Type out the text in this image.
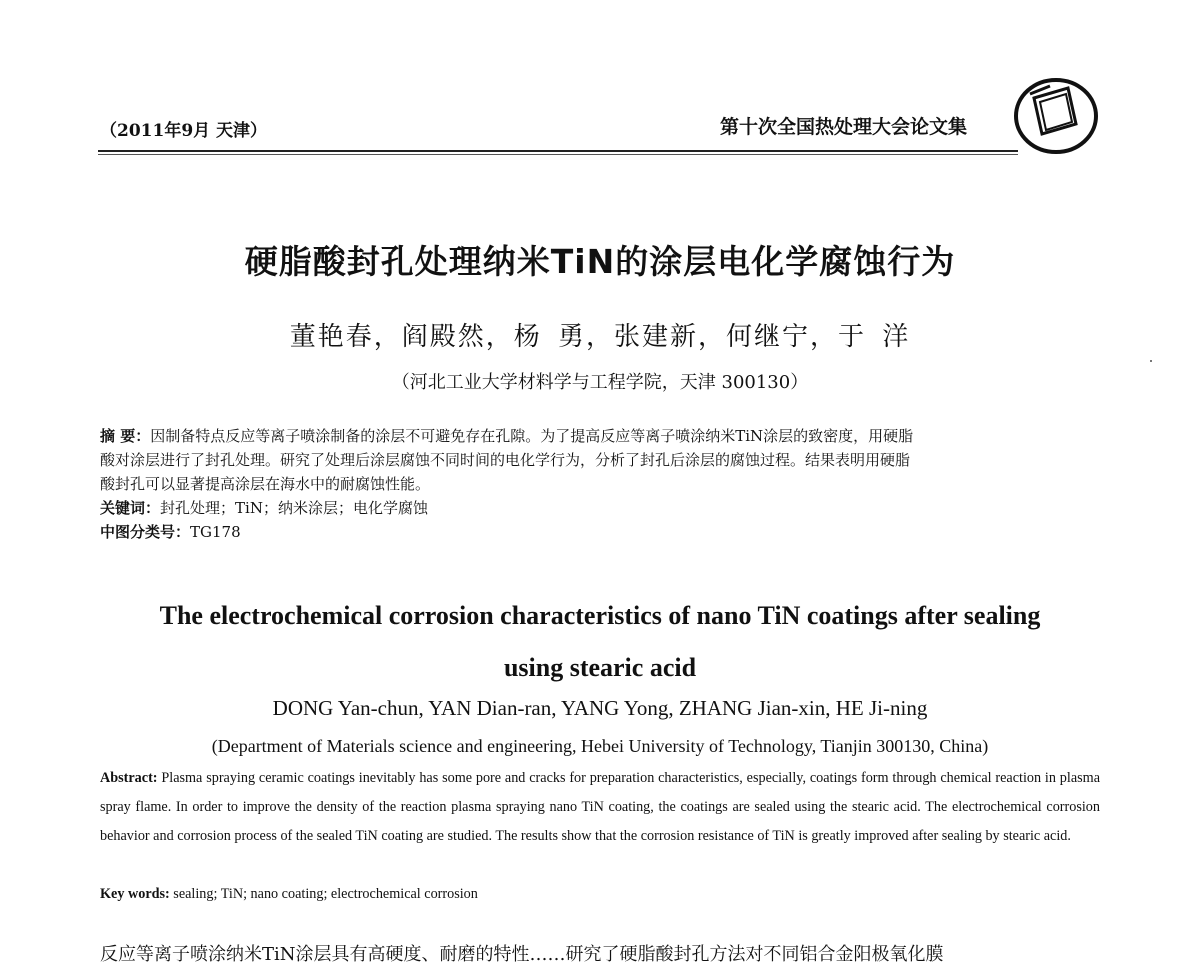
（2011年9月 天津）	第十次全国热处理大会论文集
硬脂酸封孔处理纳米TiN的涂层电化学腐蚀行为
董艳春，阎殿然，杨 勇，张建新，何继宁，于 洋
（河北工业大学材料学与工程学院，天津 300130）

摘 要：因制备特点反应等离子喷涂制备的涂层不可避免存在孔隙。为了提高反应等离子喷涂纳米TiN涂层的致密度，用硬脂

酸对涂层进行了封孔处理。研究了处理后涂层腐蚀不同时间的电化学行为，分析了封孔后涂层的腐蚀过程。结果表明用硬脂

酸封孔可以显著提高涂层在海水中的耐腐蚀性能。

关键词：封孔处理；TiN；纳米涂层；电化学腐蚀

中图分类号：TG178

The electrochemical corrosion characteristics of nano TiN coatings after sealing
using stearic acid
DONG Yan-chun, YAN Dian-ran, YANG Yong, ZHANG Jian-xin, HE Ji-ning
(Department of Materials science and engineering, Hebei University of Technology, Tianjin 300130, China)
Abstract: Plasma spraying ceramic coatings inevitably has some pore and cracks for preparation characteristics, especially, coatings form through chemical reaction in plasma spray flame. In order to improve the density of the reaction plasma spraying nano TiN coating, the coatings are sealed using the stearic acid. The electrochemical corrosion behavior and corrosion process of the sealed TiN coating are studied. The results show that the corrosion resistance of TiN is greatly improved after sealing by stearic acid.
Key words: sealing; TiN; nano coating; electrochemical corrosion
反应等离子喷涂纳米TiN涂层具有高硬度、耐磨的特性……研究了硬脂酸封孔方法对不同铝合金阳极氧化膜
